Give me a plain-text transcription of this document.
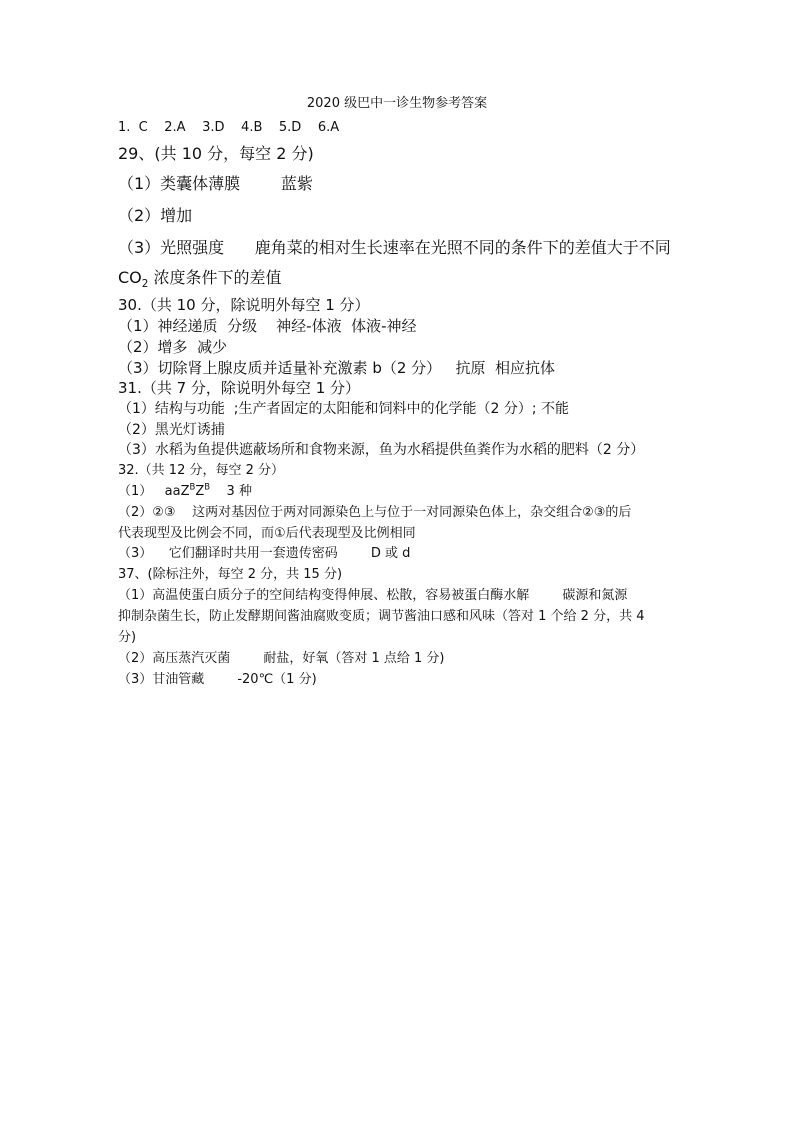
2020 级巴中一诊生物参考答案
1.  C    2.A    3.D    4.B    5.D    6.A
29、(共 10 分，每空 2 分)
（1）类囊体薄膜        蓝紫
（2）增加
（3）光照强度      鹿角菜的相对生长速率在光照不同的条件下的差值大于不同
$CO_2$ 浓度条件下的差值
30.（共 10 分，除说明外每空 1 分）
（1）神经递质  分级    神经-体液  体液-神经
（2）增多  减少
（3）切除肾上腺皮质并适量补充激素 b（2 分）   抗原  相应抗体
31.（共 7 分，除说明外每空 1 分）
（1）结构与功能  ;生产者固定的太阳能和饲料中的化学能（2 分）; 不能
（2）黑光灯诱捕
（3）水稻为鱼提供遮蔽场所和食物来源，鱼为水稻提供鱼粪作为水稻的肥料（2 分）
32.（共 12 分，每空 2 分）
（1）   $aaZ^BZ^B$    3 种
（2）②③    这两对基因位于两对同源染色上与位于一对同源染色体上，杂交组合②③的后
代表现型及比例会不同，而①后代表现型及比例相同
（3）    它们翻译时共用一套遗传密码        D 或 d
37、(除标注外，每空 2 分，共 15 分)
（1）高温使蛋白质分子的空间结构变得伸展、松散，容易被蛋白酶水解        碳源和氮源
抑制杂菌生长，防止发酵期间酱油腐败变质；调节酱油口感和风味（答对 1 个给 2 分，共 4
分)
（2）高压蒸汽灭菌        耐盐，好氧（答对 1 点给 1 分)
（3）甘油管藏        -20℃（1 分)
